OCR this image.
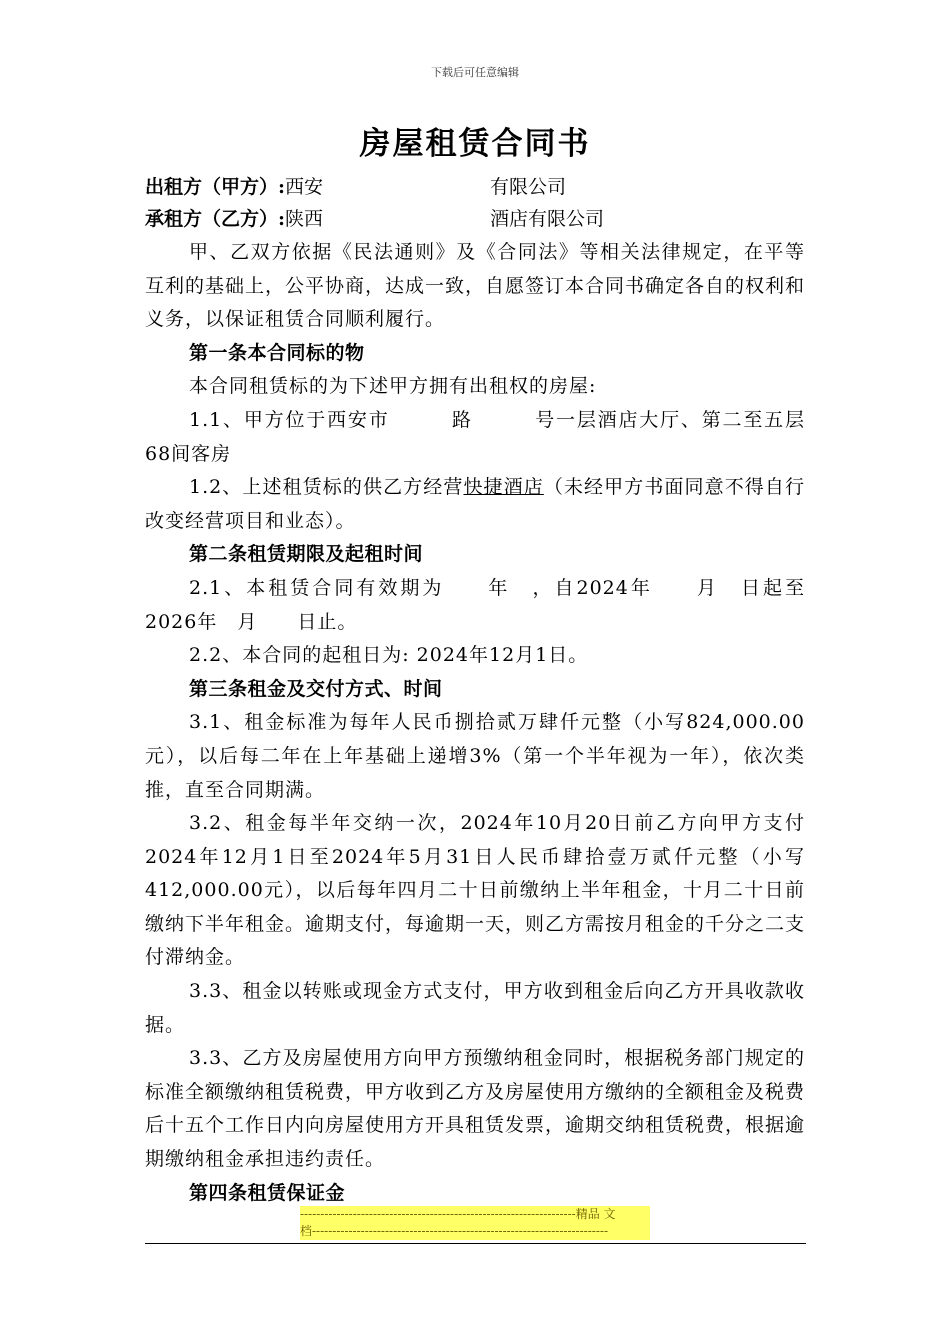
下载后可任意编辑
房屋租赁合同书
出租方（甲方）:西安	有限公司
承租方（乙方）:陕西	酒店有限公司

甲、乙双方依据《民法通则》及《合同法》等相关法律规定，在平等互利的基础上，公平协商，达成一致，自愿签订本合同书确定各自的权利和义务，以保证租赁合同顺利履行。

第一条本合同标的物

本合同租赁标的为下述甲方拥有出租权的房屋:

1.1、甲方位于西安市　　　路　　　号一层酒店大厅、第二至五层68间客房

1.2、上述租赁标的供乙方经营快捷酒店（未经甲方书面同意不得自行改变经营项目和业态）。

第二条租赁期限及起租时间

2.1、本租赁合同有效期为　　年　，自2024年　　月　日起至2026年　月　　日止。

2.2、本合同的起租日为: 2024年12月1日。

第三条租金及交付方式、时间

3.1、租金标准为每年人民币捌拾贰万肆仟元整（小写824,000.00元），以后每二年在上年基础上递增3%（第一个半年视为一年），依次类推，直至合同期满。

3.2、租金每半年交纳一次，2024年10月20日前乙方向甲方支付2024年12月1日至2024年5月31日人民币肆拾壹万贰仟元整（小写412,000.00元），以后每年四月二十日前缴纳上半年租金，十月二十日前缴纳下半年租金。逾期支付，每逾期一天，则乙方需按月租金的千分之二支付滞纳金。

3.3、租金以转账或现金方式支付，甲方收到租金后向乙方开具收款收据。

3.3、乙方及房屋使用方向甲方预缴纳租金同时，根据税务部门规定的标准全额缴纳租赁税费，甲方收到乙方及房屋使用方缴纳的全额租金及税费后十五个工作日内向房屋使用方开具租赁发票，逾期交纳租赁税费，根据逾期缴纳租金承担违约责任。

第四条租赁保证金

--------------------------------------------------------------------精品 文
档-------------------------------------------------------------------------
